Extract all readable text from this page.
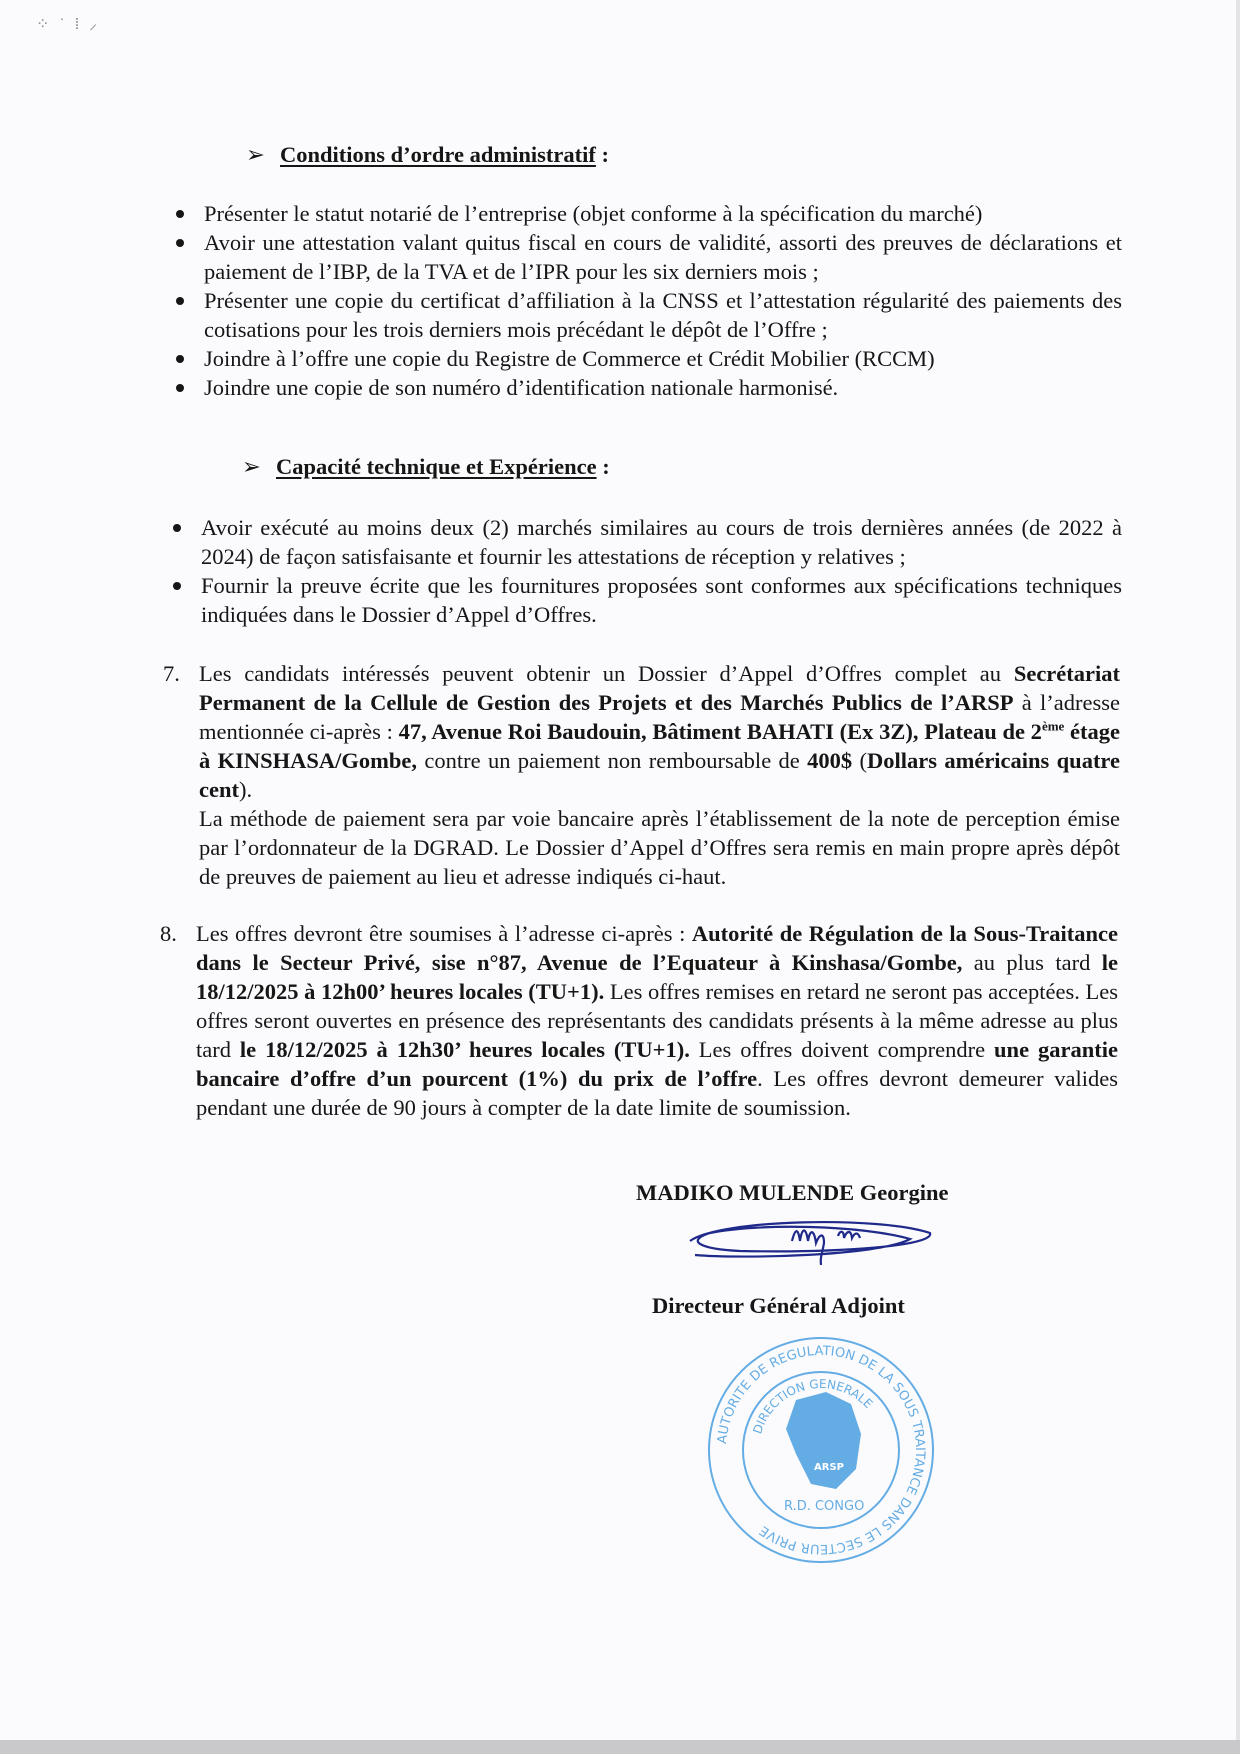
⁘ ˙ ⁞ ⸝
➢ Conditions d’ordre administratif :
Présenter le statut notarié de l’entreprise (objet conforme à la spécification du marché)
Avoir une attestation valant quitus fiscal en cours de validité, assorti des preuves de déclarations et paiement de l’IBP, de la TVA et de l’IPR pour les six derniers mois ;
Présenter une copie du certificat d’affiliation à la CNSS et l’attestation régularité des paiements des cotisations pour les trois derniers mois précédant le dépôt de l’Offre ;
Joindre à l’offre une copie du Registre de Commerce et Crédit Mobilier (RCCM)
Joindre une copie de son numéro d’identification nationale harmonisé.
➢ Capacité technique et Expérience :
Avoir exécuté au moins deux (2) marchés similaires au cours de trois dernières années (de 2022 à 2024) de façon satisfaisante et fournir les attestations de réception y relatives ;
Fournir la preuve écrite que les fournitures proposées sont conformes aux spécifications techniques indiquées dans le Dossier d’Appel d’Offres.
7. Les candidats intéressés peuvent obtenir un Dossier d’Appel d’Offres complet au Secrétariat Permanent de la Cellule de Gestion des Projets et des Marchés Publics de l’ARSP à l’adresse mentionnée ci-après : 47, Avenue Roi Baudouin, Bâtiment BAHATI (Ex 3Z), Plateau de 2ème étage à KINSHASA/Gombe, contre un paiement non remboursable de 400$ (Dollars américains quatre cent).
La méthode de paiement sera par voie bancaire après l’établissement de la note de perception émise par l’ordonnateur de la DGRAD. Le Dossier d’Appel d’Offres sera remis en main propre après dépôt de preuves de paiement au lieu et adresse indiqués ci-haut.
8. Les offres devront être soumises à l’adresse ci-après : Autorité de Régulation de la Sous-Traitance dans le Secteur Privé, sise n°87, Avenue de l’Equateur à Kinshasa/Gombe, au plus tard le 18/12/2025 à 12h00’ heures locales (TU+1). Les offres remises en retard ne seront pas acceptées. Les offres seront ouvertes en présence des représentants des candidats présents à la même adresse au plus tard le 18/12/2025 à 12h30’ heures locales (TU+1). Les offres doivent comprendre une garantie bancaire d’offre d’un pourcent (1%) du prix de l’offre. Les offres devront demeurer valides pendant une durée de 90 jours à compter de la date limite de soumission.
MADIKO MULENDE Georgine
Directeur Général Adjoint
AUTORITE DE REGULATION DE LA SOUS TRAITANCE DANS LE SECTEUR PRIVE
DIRECTION GENERALE
R.D. CONGO
ARSP
